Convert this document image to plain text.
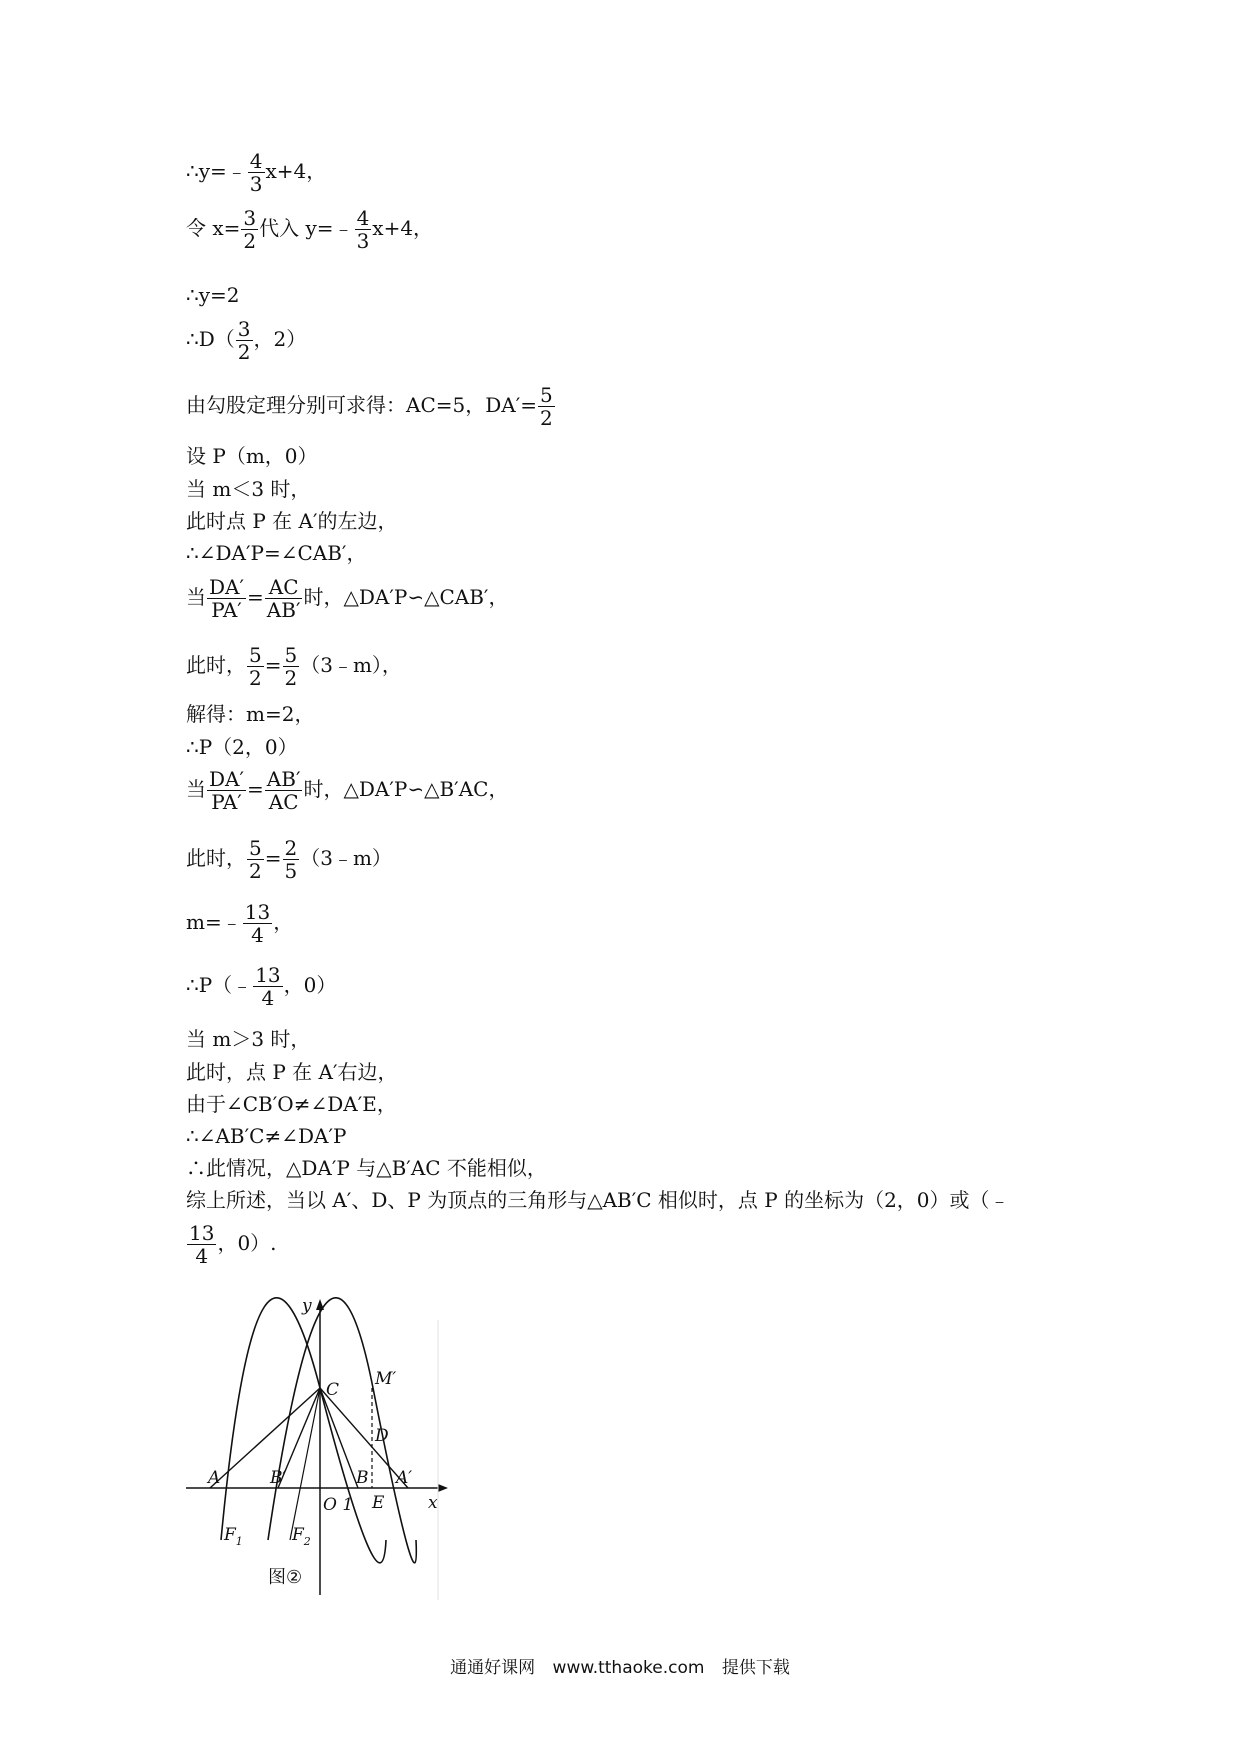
∴y=﹣ $\frac{4}{3} x+4$，
令 $x= \frac{3}{2}$ 代入 y=﹣ $\frac{4}{3} x+4$，
∴y=2
∴D（ $\frac{3}{2}$ ，2）
由勾股定理分别可求得：AC=5，$DA'= \frac{5}{2}$
设 P（m，0）
当 m＜3 时，
此时点 P 在 A′的左边，
∴∠DA′P=∠CAB′，
当 $\frac{DA'}{PA'} = \frac{AC}{AB'}$ 时，△DA′P∽△CAB′，
此时， $\frac{5}{2} = \frac{5}{2}$ （3﹣m），
解得：m=2，
∴P（2，0）
当 $\frac{DA'}{PA'} = \frac{AB'}{AC}$ 时，△DA′P∽△B′AC，
此时， $\frac{5}{2} = \frac{2}{5}$ （3﹣m）
m=﹣ $\frac{13}{4}$ ，
∴P（﹣ $\frac{13}{4}$ ，0）
当 m＞3 时，
此时，点 P 在 A′右边，
由于∠CB′O≠∠DA′E，
∴∠AB′C≠∠DA′P
∴此情况，△DA′P 与△B′AC 不能相似，
综上所述，当以 A′、D、P 为顶点的三角形与△AB′C 相似时，点 P 的坐标为（2，0）或（﹣
$\frac{13}{4}$ ，0）.
y
x
C
M′
D
A	B′	B A′
O 1 E
$F_1$	$F_2$
图②
通通好课网 www.tthaoke.com 提供下载
